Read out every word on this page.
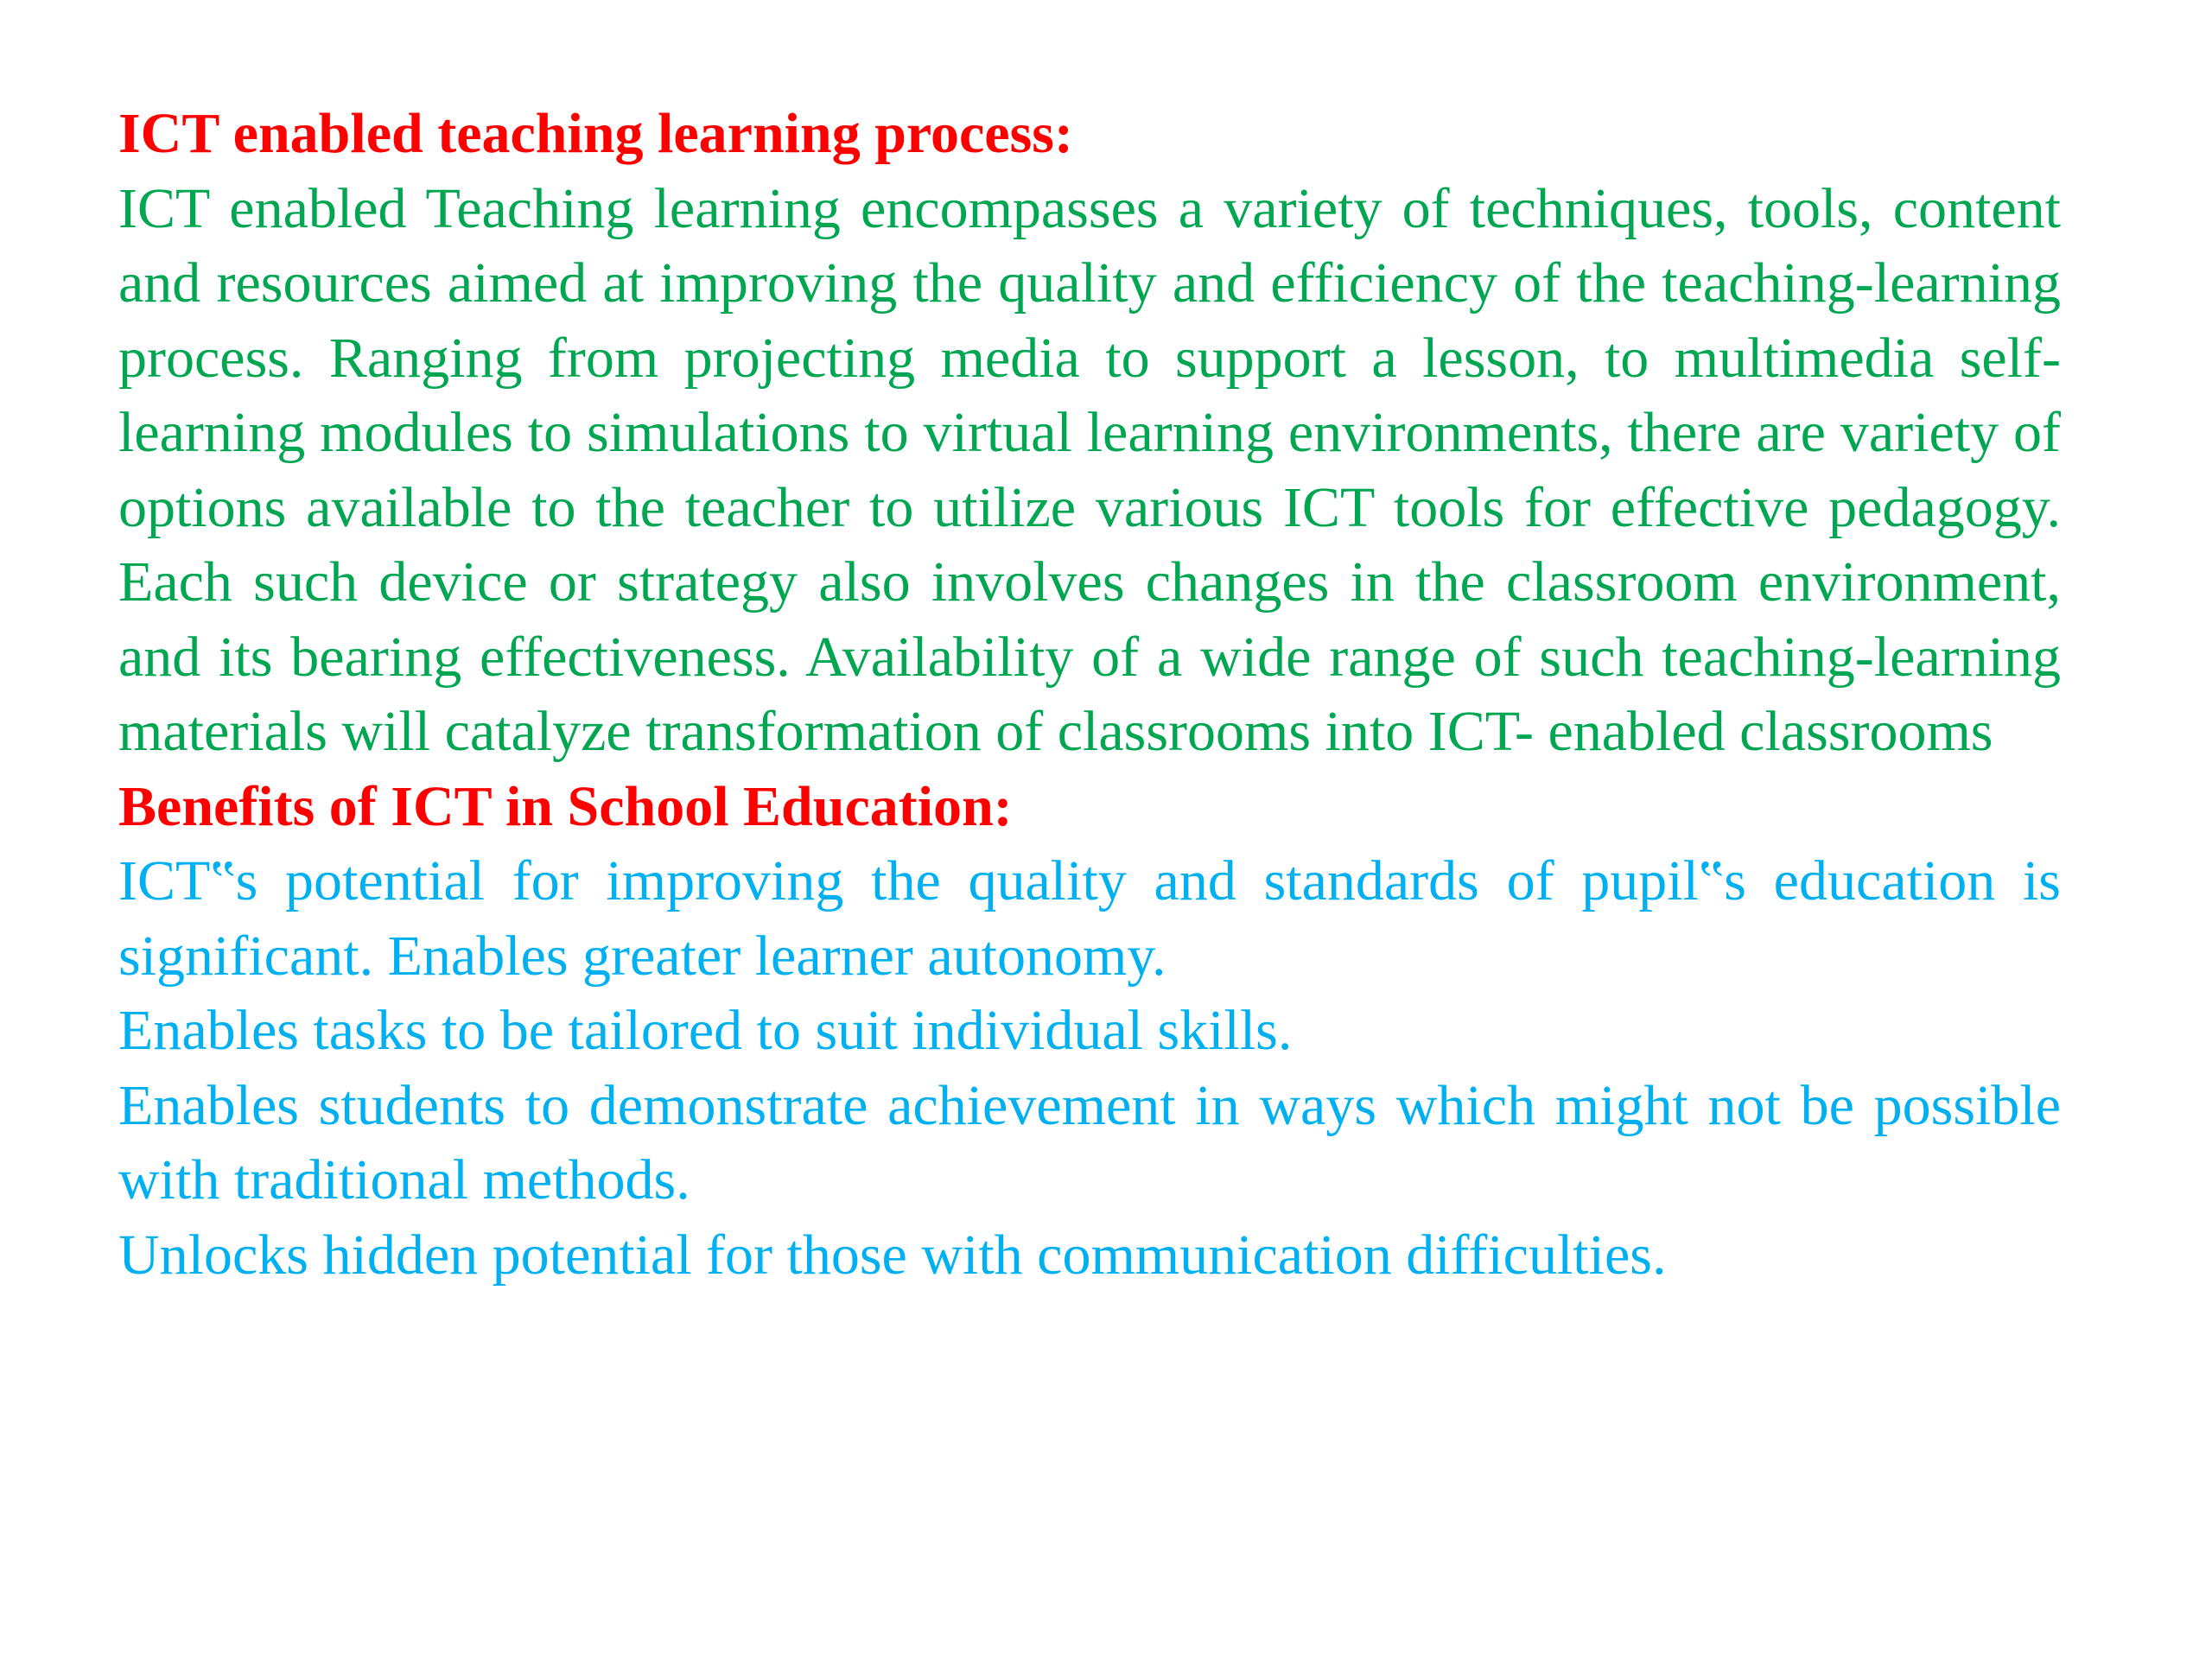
ICT enabled teaching learning process:

ICT enabled Teaching learning encompasses a variety of techniques, tools, content and resources aimed at improving the quality and efficiency of the teaching-learning process. Ranging from projecting media to support a lesson, to multimedia self-learning modules to simulations to virtual learning environments, there are variety of options available to the teacher to utilize various ICT tools for effective pedagogy. Each such device or strategy also involves changes in the classroom environment, and its bearing effectiveness. Availability of a wide range of such teaching-learning materials will catalyze transformation of classrooms into ICT- enabled classrooms

Benefits of ICT in School Education:

ICT‟s potential for improving the quality and standards of pupil‟s education is significant. Enables greater learner autonomy.

Enables tasks to be tailored to suit individual skills.

Enables students to demonstrate achievement in ways which might not be possible with traditional methods.

Unlocks hidden potential for those with communication difficulties.
